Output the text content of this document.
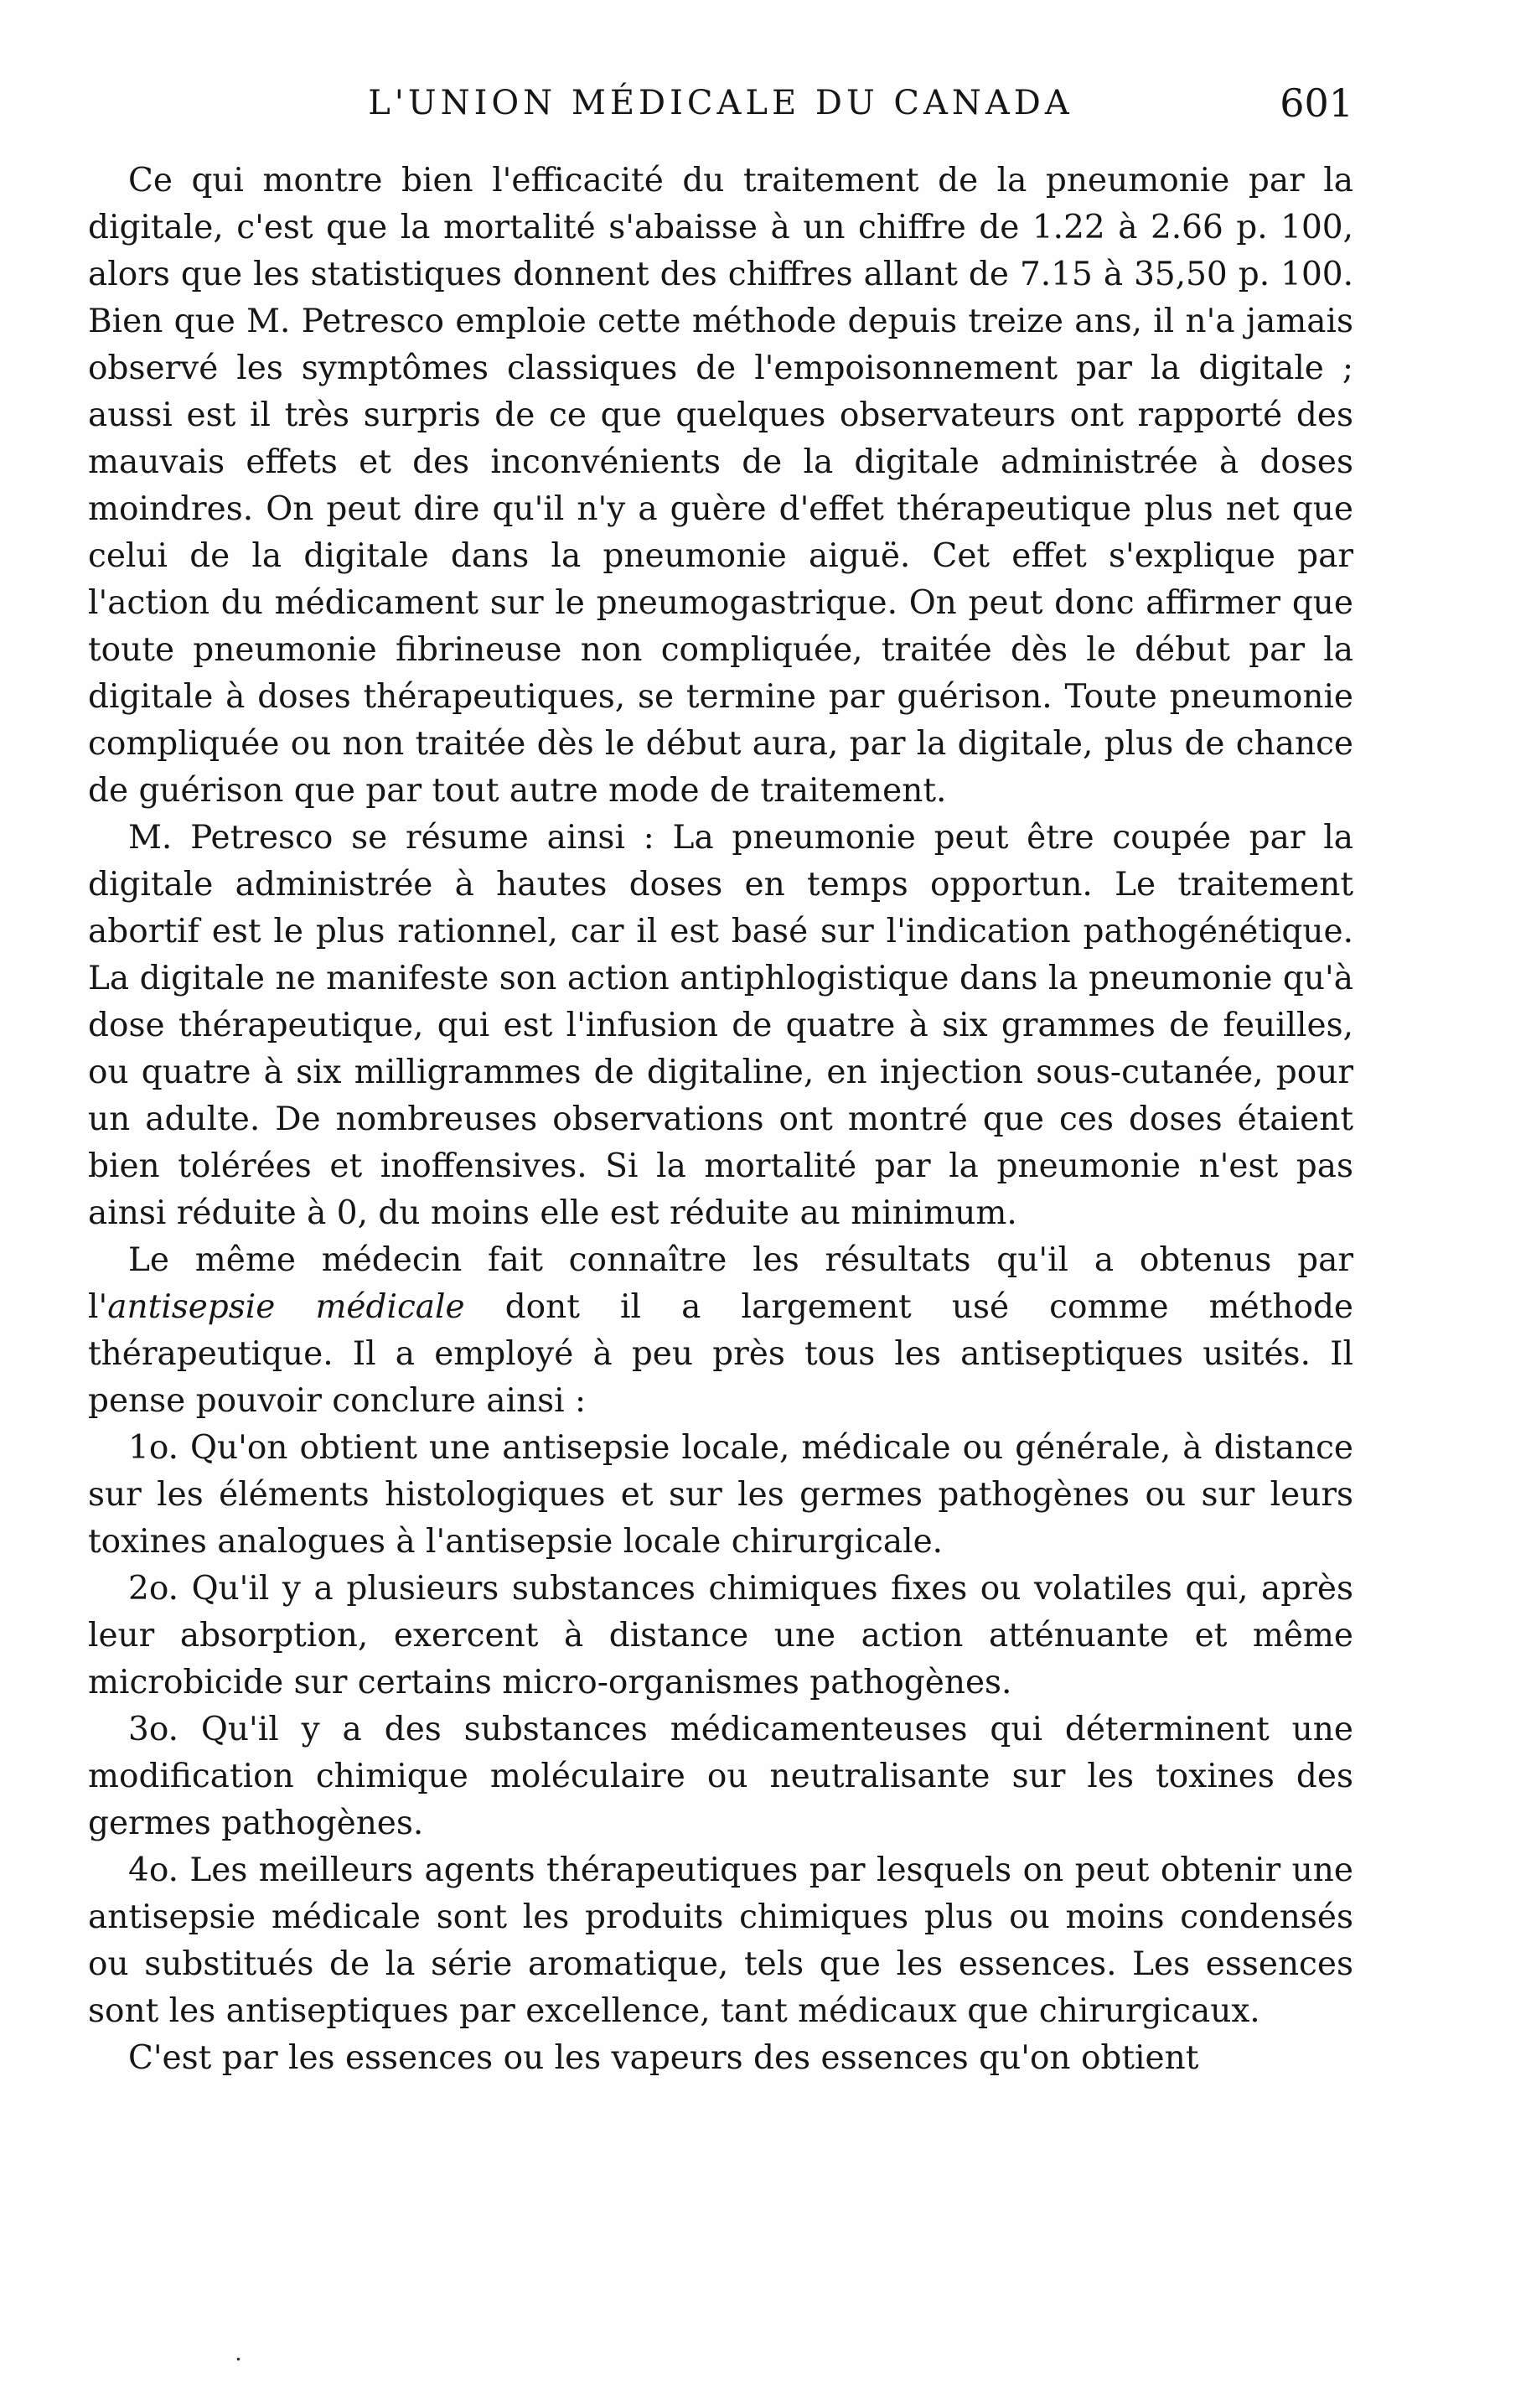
L'UNION MÉDICALE DU CANADA	601

Ce qui montre bien l'efficacité du traitement de la pneumonie par la digitale, c'est que la mortalité s'abaisse à un chiffre de 1.22 à 2.66 p. 100, alors que les statistiques donnent des chiffres allant de 7.15 à 35,50 p. 100. Bien que M. Petresco emploie cette méthode depuis treize ans, il n'a jamais observé les symptômes classiques de l'empoisonnement par la digitale ; aussi est il très surpris de ce que quelques observateurs ont rapporté des mauvais effets et des inconvénients de la digitale administrée à doses moindres. On peut dire qu'il n'y a guère d'effet thérapeutique plus net que celui de la digitale dans la pneumonie aiguë. Cet effet s'explique par l'action du médicament sur le pneumogastrique. On peut donc affirmer que toute pneumonie fibrineuse non compliquée, traitée dès le début par la digitale à doses thérapeutiques, se termine par guérison. Toute pneumonie compliquée ou non traitée dès le début aura, par la digitale, plus de chance de guérison que par tout autre mode de traitement.

M. Petresco se résume ainsi : La pneumonie peut être coupée par la digitale administrée à hautes doses en temps opportun. Le traitement abortif est le plus rationnel, car il est basé sur l'indication pathogénétique. La digitale ne manifeste son action antiphlogistique dans la pneumonie qu'à dose thérapeutique, qui est l'infusion de quatre à six grammes de feuilles, ou quatre à six milligrammes de digitaline, en injection sous-cutanée, pour un adulte. De nombreuses observations ont montré que ces doses étaient bien tolérées et inoffensives. Si la mortalité par la pneumonie n'est pas ainsi réduite à 0, du moins elle est réduite au minimum.

Le même médecin fait connaître les résultats qu'il a obtenus par l'antisepsie médicale dont il a largement usé comme méthode thérapeutique. Il a employé à peu près tous les antiseptiques usités. Il pense pouvoir conclure ainsi :

1o. Qu'on obtient une antisepsie locale, médicale ou générale, à distance sur les éléments histologiques et sur les germes pathogènes ou sur leurs toxines analogues à l'antisepsie locale chirurgicale.

2o. Qu'il y a plusieurs substances chimiques fixes ou volatiles qui, après leur absorption, exercent à distance une action atténuante et même microbicide sur certains micro-organismes pathogènes.

3o. Qu'il y a des substances médicamenteuses qui déterminent une modification chimique moléculaire ou neutralisante sur les toxines des germes pathogènes.

4o. Les meilleurs agents thérapeutiques par lesquels on peut obtenir une antisepsie médicale sont les produits chimiques plus ou moins condensés ou substitués de la série aromatique, tels que les essences. Les essences sont les antiseptiques par excellence, tant médicaux que chirurgicaux.

C'est par les essences ou les vapeurs des essences qu'on obtient

.
